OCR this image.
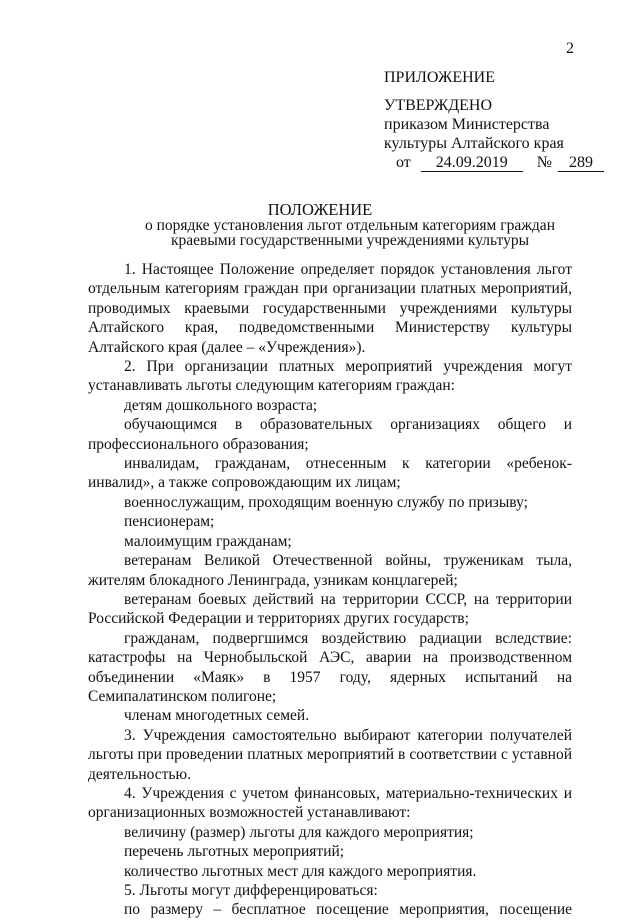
2
ПРИЛОЖЕНИЕ
УТВЕРЖДЕНО
приказом Министерства
культуры Алтайского края
от 24.09.2019 № 289
ПОЛОЖЕНИЕ
о порядке установления льгот отдельным категориям граждан
краевыми государственными учреждениями культуры

1. Настоящее Положение определяет порядок установления льгот отдельным категориям граждан при организации платных мероприятий, проводимых краевыми государственными учреждениями культуры Алтайского края, подведомственными Министерству культуры Алтайского края (далее – «Учреждения»).

2. При организации платных мероприятий учреждения могут устанавливать льготы следующим категориям граждан:

детям дошкольного возраста;

обучающимся в образовательных организациях общего и профессионального образования;

инвалидам, гражданам, отнесенным к категории «ребенок-инвалид», а также сопровождающим их лицам;

военнослужащим, проходящим военную службу по призыву;

пенсионерам;

малоимущим гражданам;

ветеранам Великой Отечественной войны, труженикам тыла, жителям блокадного Ленинграда, узникам концлагерей;

ветеранам боевых действий на территории СССР, на территории Российской Федерации и территориях других государств;

гражданам, подвергшимся воздействию радиации вследствие: катастрофы на Чернобыльской АЭС, аварии на производственном объединении «Маяк» в 1957 году, ядерных испытаний на Семипалатинском полигоне;

членам многодетных семей.

3. Учреждения самостоятельно выбирают категории получателей льготы при проведении платных мероприятий в соответствии с уставной деятельностью.

4. Учреждения с учетом финансовых, материально-технических и организационных возможностей устанавливают:

величину (размер) льготы для каждого мероприятия;

перечень льготных мероприятий;

количество льготных мест для каждого мероприятия.

5. Льготы могут дифференцироваться:

по размеру – бесплатное посещение мероприятия, посещение
